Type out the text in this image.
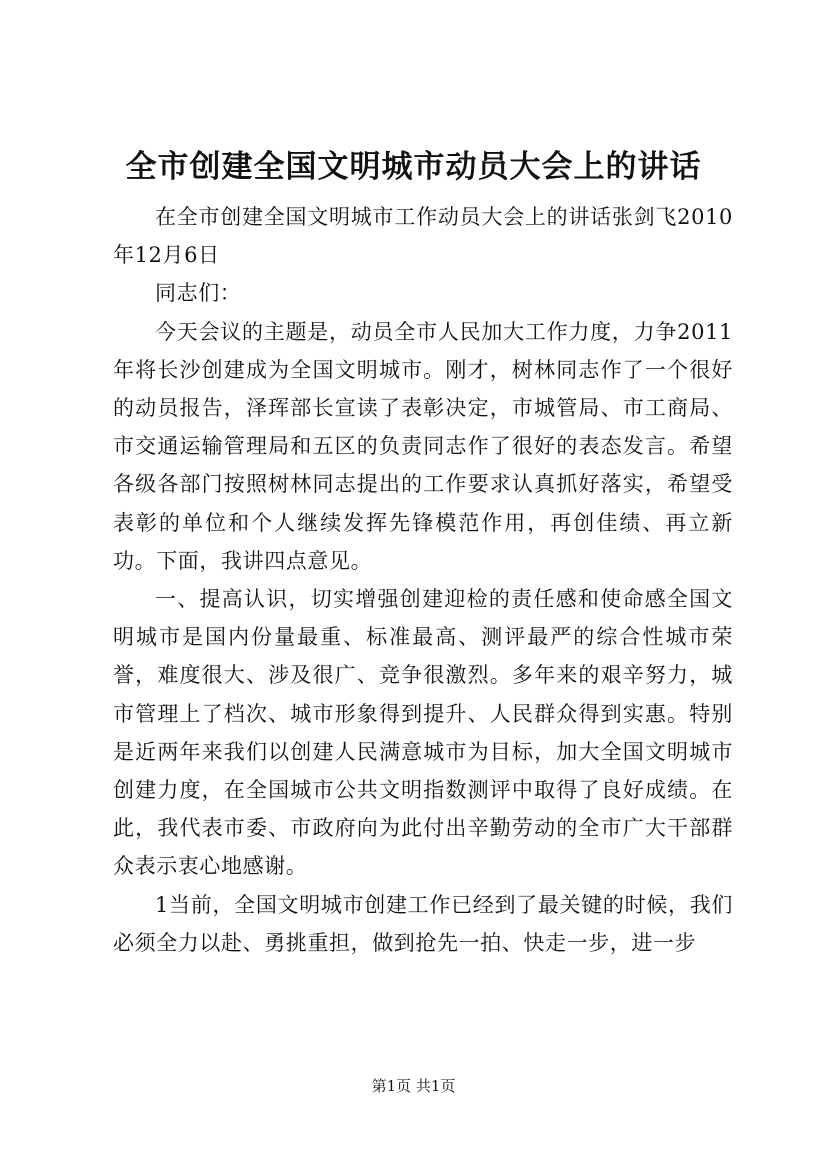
全市创建全国文明城市动员大会上的讲话

在全市创建全国文明城市工作动员大会上的讲话张剑飞2010年12月6日

同志们：

今天会议的主题是，动员全市人民加大工作力度，力争2011年将长沙创建成为全国文明城市。刚才，树林同志作了一个很好的动员报告，泽珲部长宣读了表彰决定，市城管局、市工商局、市交通运输管理局和五区的负责同志作了很好的表态发言。希望各级各部门按照树林同志提出的工作要求认真抓好落实，希望受表彰的单位和个人继续发挥先锋模范作用，再创佳绩、再立新功。下面，我讲四点意见。

一、提高认识，切实增强创建迎检的责任感和使命感全国文明城市是国内份量最重、标准最高、测评最严的综合性城市荣誉，难度很大、涉及很广、竞争很激烈。多年来的艰辛努力，城市管理上了档次、城市形象得到提升、人民群众得到实惠。特别是近两年来我们以创建人民满意城市为目标，加大全国文明城市创建力度，在全国城市公共文明指数测评中取得了良好成绩。在此，我代表市委、市政府向为此付出辛勤劳动的全市广大干部群众表示衷心地感谢。

1当前，全国文明城市创建工作已经到了最关键的时候，我们必须全力以赴、勇挑重担，做到抢先一拍、快走一步，进一步

第1页 共1页
